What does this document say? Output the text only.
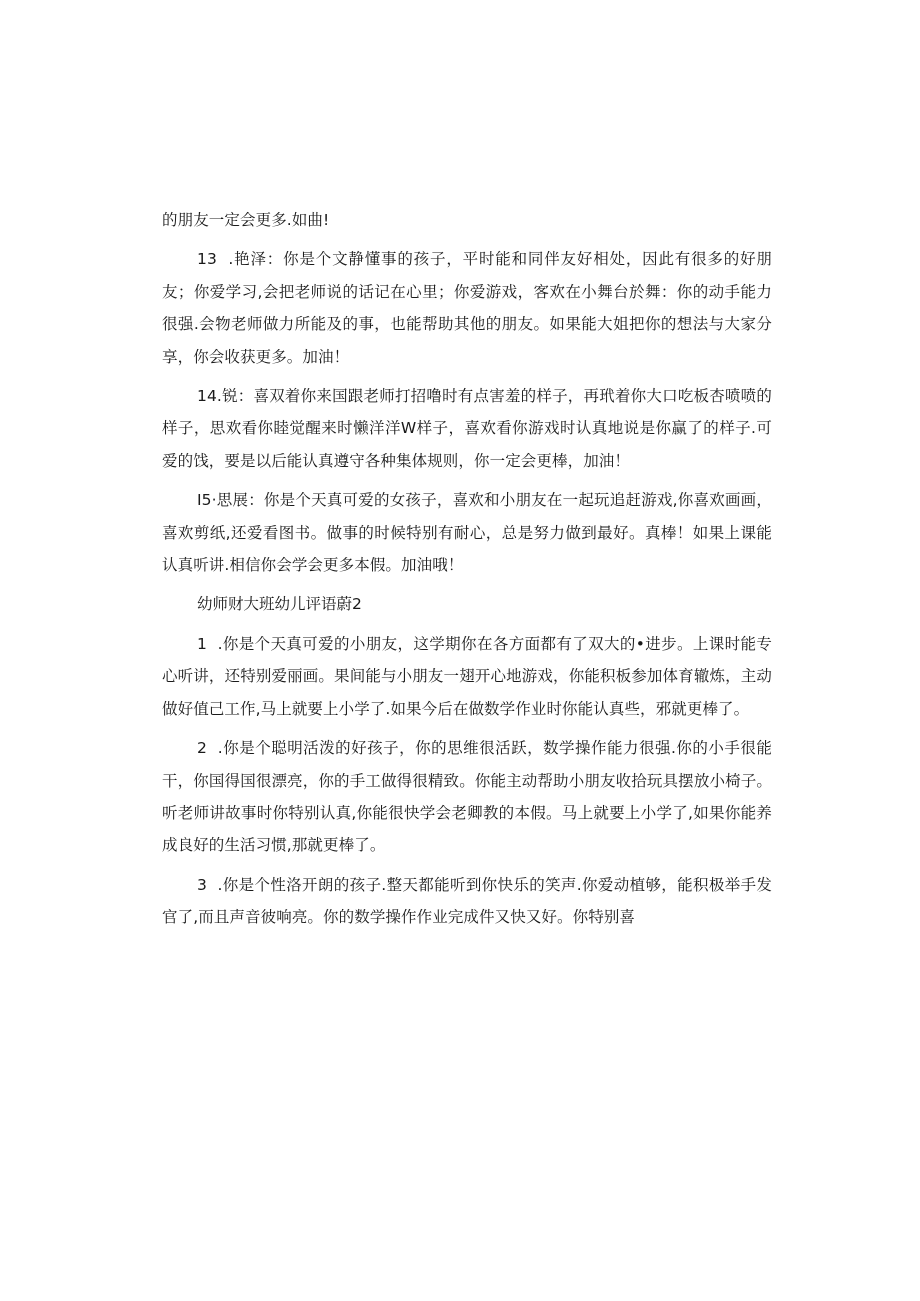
的朋友一定会更多.如曲!

13  .艳泽：你是个文静懂事的孩子，平时能和同伴友好相处，因此有很多的好朋友；你爱学习,会把老师说的话记在心里；你爱游戏，客欢在小舞台於舞：你的动手能力很强.会物老师做力所能及的事，也能帮助其他的朋友。如果能大姐把你的想法与大家分享，你会收获更多。加油！

14.锐：喜双着你来国跟老师打招噜时有点害羞的样子，再玳着你大口吃板杏喷喷的样子，思欢看你睦觉醒来时懒洋洋W样子，喜欢看你游戏时认真地说是你赢了的样子.可爱的饯，要是以后能认真遵守各种集体规则，你一定会更棒，加油！

I5·思展：你是个天真可爱的女孩子，喜欢和小朋友在一起玩追赶游戏,你喜欢画画，喜欢剪纸,还爱看图书。做事的时候特别有耐心，总是努力做到最好。真棒！如果上课能认真听讲.相信你会学会更多本假。加油哦！

幼师财大班幼儿评语蔚2

1  .你是个天真可爱的小朋友，这学期你在各方面都有了双大的•进步。上课时能专心听讲，还特别爱丽画。果间能与小朋友一翅开心地游戏，你能积板参加体育辙炼，主动做好值己工作,马上就要上小学了.如果今后在做数学作业时你能认真些，邪就更棒了。

2  .你是个聪明活泼的好孩子，你的思维很活跃，数学操作能力很强.你的小手很能干，你国得国很漂亮，你的手工做得很精致。你能主动帮助小朋友收拾玩具摆放小椅子。听老师讲故事时你特别认真,你能很快学会老卿教的本假。马上就要上小学了,如果你能养成良好的生活习惯,那就更棒了。

3  .你是个性洛开朗的孩子.整天都能听到你快乐的笑声.你爱动植够，能积极举手发官了,而且声音彼响亮。你的数学操作作业完成件又快又好。你特别喜
